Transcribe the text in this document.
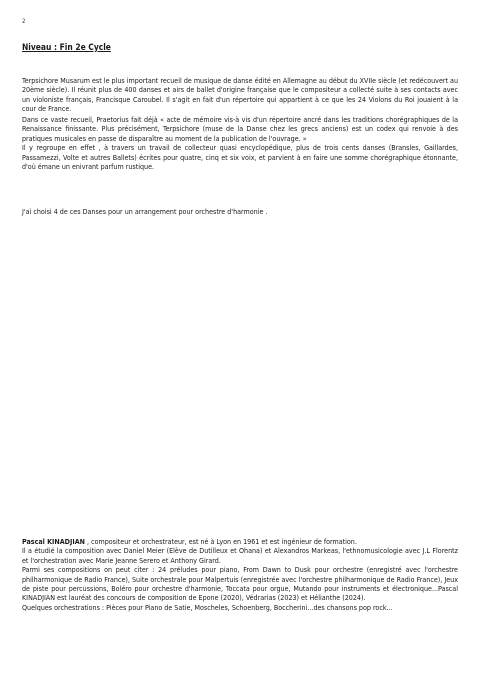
2
Niveau : Fin 2e Cycle

Terpsichore Musarum est le plus important recueil de musique de danse édité en Allemagne au début du XVIIe siècle (et redécouvert au 20ème siècle). Il réunit plus de 400 danses et airs de ballet d'origine française que le compositeur a collecté suite à ses contacts avec un violoniste français, Francisque Caroubel. Il s'agit en fait d'un répertoire qui appartient à ce que les 24 Violons du Roi jouaient à la cour de France.

Dans ce vaste recueil, Praetorius fait déjà « acte de mémoire vis-à vis d'un répertoire ancré dans les traditions chorégraphiques de la Renaissance finissante. Plus précisément, Terpsichore (muse de la Danse chez les grecs anciens) est un codex qui renvoie à des pratiques musicales en passe de disparaître au moment de la publication de l'ouvrage. »
Il y regroupe en effet , à travers un travail de collecteur quasi encyclopédique, plus de trois cents danses (Bransles, Gaillardes, Passamezzi, Volte et autres Ballets) écrites pour quatre, cinq et six voix, et parvient à en faire une somme chorégraphique étonnante, d'où émane un enivrant parfum rustique.

J'ai choisi 4 de ces Danses pour un arrangement pour orchestre d'harmonie .

Pascal KINADJIAN , compositeur et orchestrateur, est né à Lyon en 1961 et est ingénieur de formation.
Il a étudié la composition avec Daniel Meier (Elève de Dutilleux et Ohana) et Alexandros Markeas, l'ethnomusicologie avec J.L Florentz et l'orchestration avec Marie Jeanne Serero et Anthony Girard.
Parmi ses compositions on peut citer : 24 préludes pour piano, From Dawn to Dusk pour orchestre (enregistré avec l'orchestre philharmonique de Radio France), Suite orchestrale pour Malpertuis (enregistrée avec l'orchestre philharmonique de Radio France), Jeux de piste pour percussions, Boléro pour orchestre d'harmonie, Toccata pour orgue, Mutando pour instruments et électronique...Pascal KINADJIAN est lauréat des concours de composition de Epone (2020), Védrarias (2023) et Hélianthe (2024).
Quelques orchestrations : Pièces pour Piano de Satie, Moscheles, Schoenberg, Boccherini...des chansons pop rock...
